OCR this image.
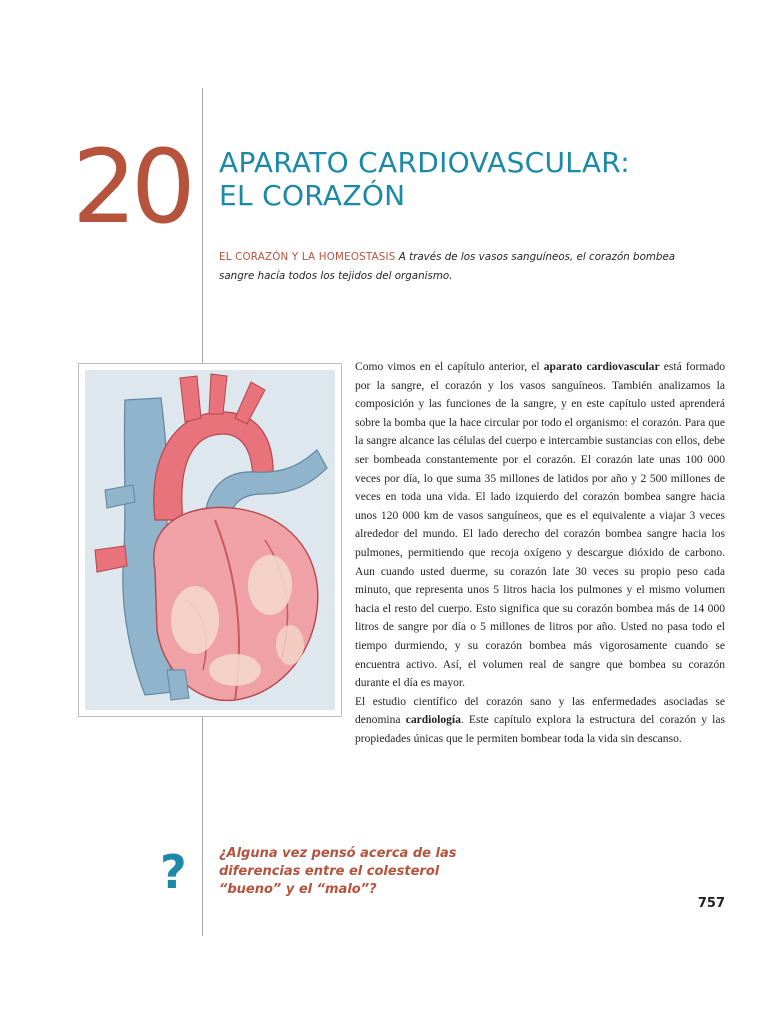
20	APARATO CARDIOVASCULAR:
EL CORAZÓN
EL CORAZÓN Y LA HOMEOSTASIS A través de los vasos sanguíneos, el corazón bombea sangre hacía todos los tejidos del organismo.

Como vimos en el capítulo anterior, el aparato cardiovascular está formado por la sangre, el corazón y los vasos sanguíneos. También analizamos la composición y las funciones de la sangre, y en este capítulo usted aprenderá sobre la bomba que la hace circular por todo el organismo: el corazón. Para que la sangre alcance las células del cuerpo e intercambie sustancias con ellos, debe ser bombeada constantemente por el corazón. El corazón late unas 100 000 veces por día, lo que suma 35 millones de latidos por año y 2 500 millones de veces en toda una vida. El lado izquierdo del corazón bombea sangre hacia unos 120 000 km de vasos sanguíneos, que es el equivalente a viajar 3 veces alrededor del mundo. El lado derecho del corazón bombea sangre hacia los pulmones, permitiendo que recoja oxígeno y descargue dióxido de carbono. Aun cuando usted duerme, su corazón late 30 veces su propio peso cada minuto, que representa unos 5 litros hacia los pulmones y el mismo volumen hacia el resto del cuerpo. Esto significa que su corazón bombea más de 14 000 litros de sangre por día o 5 millones de litros por año. Usted no pasa todo el tiempo durmiendo, y su corazón bombea más vigorosamente cuando se encuentra activo. Así, el volumen real de sangre que bombea su corazón durante el día es mayor.

El estudio científico del corazón sano y las enfermedades asociadas se denomina cardiología. Este capítulo explora la estructura del corazón y las propiedades únicas que le permiten bombear toda la vida sin descanso.

?	¿Alguna vez pensó acerca de las
diferencias entre el colesterol
“bueno” y el “malo”?
757
